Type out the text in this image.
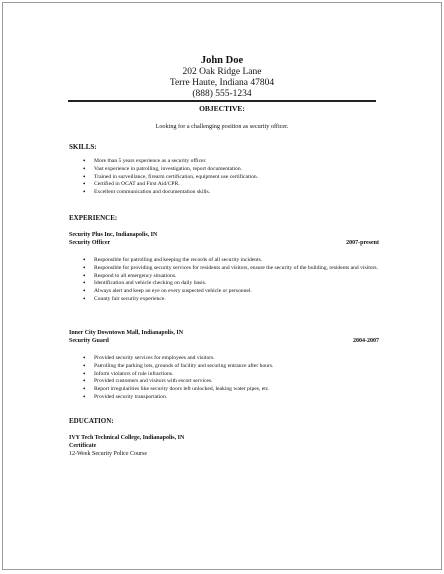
John Doe
202 Oak Ridge Lane
Terre Haute, Indiana 47804
(888) 555-1234
OBJECTIVE:
Looking for a challenging position as security officer.
SKILLS:
• More than 5 years experience as a security officer.
• Vast experience in patrolling, investigation, report documentation.
• Trained in surveillance, firearm certification, equipment use certification.
• Certified in OCAT and First Aid/CPR.
• Excellent communication and documentation skills.
EXPERIENCE:
Security Plus Inc, Indianapolis, IN
Security Officer	2007-present
• Responsible for patrolling and keeping the records of all security incidents.
• Responsible for providing security services for residents and visitors, ensure the security of the building, residents and visitors.
• Respond to all emergency situations.
• Identification and vehicle checking on daily basis.
• Always alert and keep an eye on every suspected vehicle or personnel.
• County fair security experience.
Inner City Downtown Mall, Indianapolis, IN
Security Guard	2004-2007
• Provided security services for employees and visitors.
• Patrolling the parking lots, grounds of facility and securing entrance after hours.
• Inform violators of rule infractions.
• Provided customers and visitors with escort services.
• Report irregularities like security doors left unlocked, leaking water pipes, etc.
• Provided security transportation.
EDUCATION:
IVY Tech Technical College, Indianapolis, IN
Certificate
12-Week Security Police Course
